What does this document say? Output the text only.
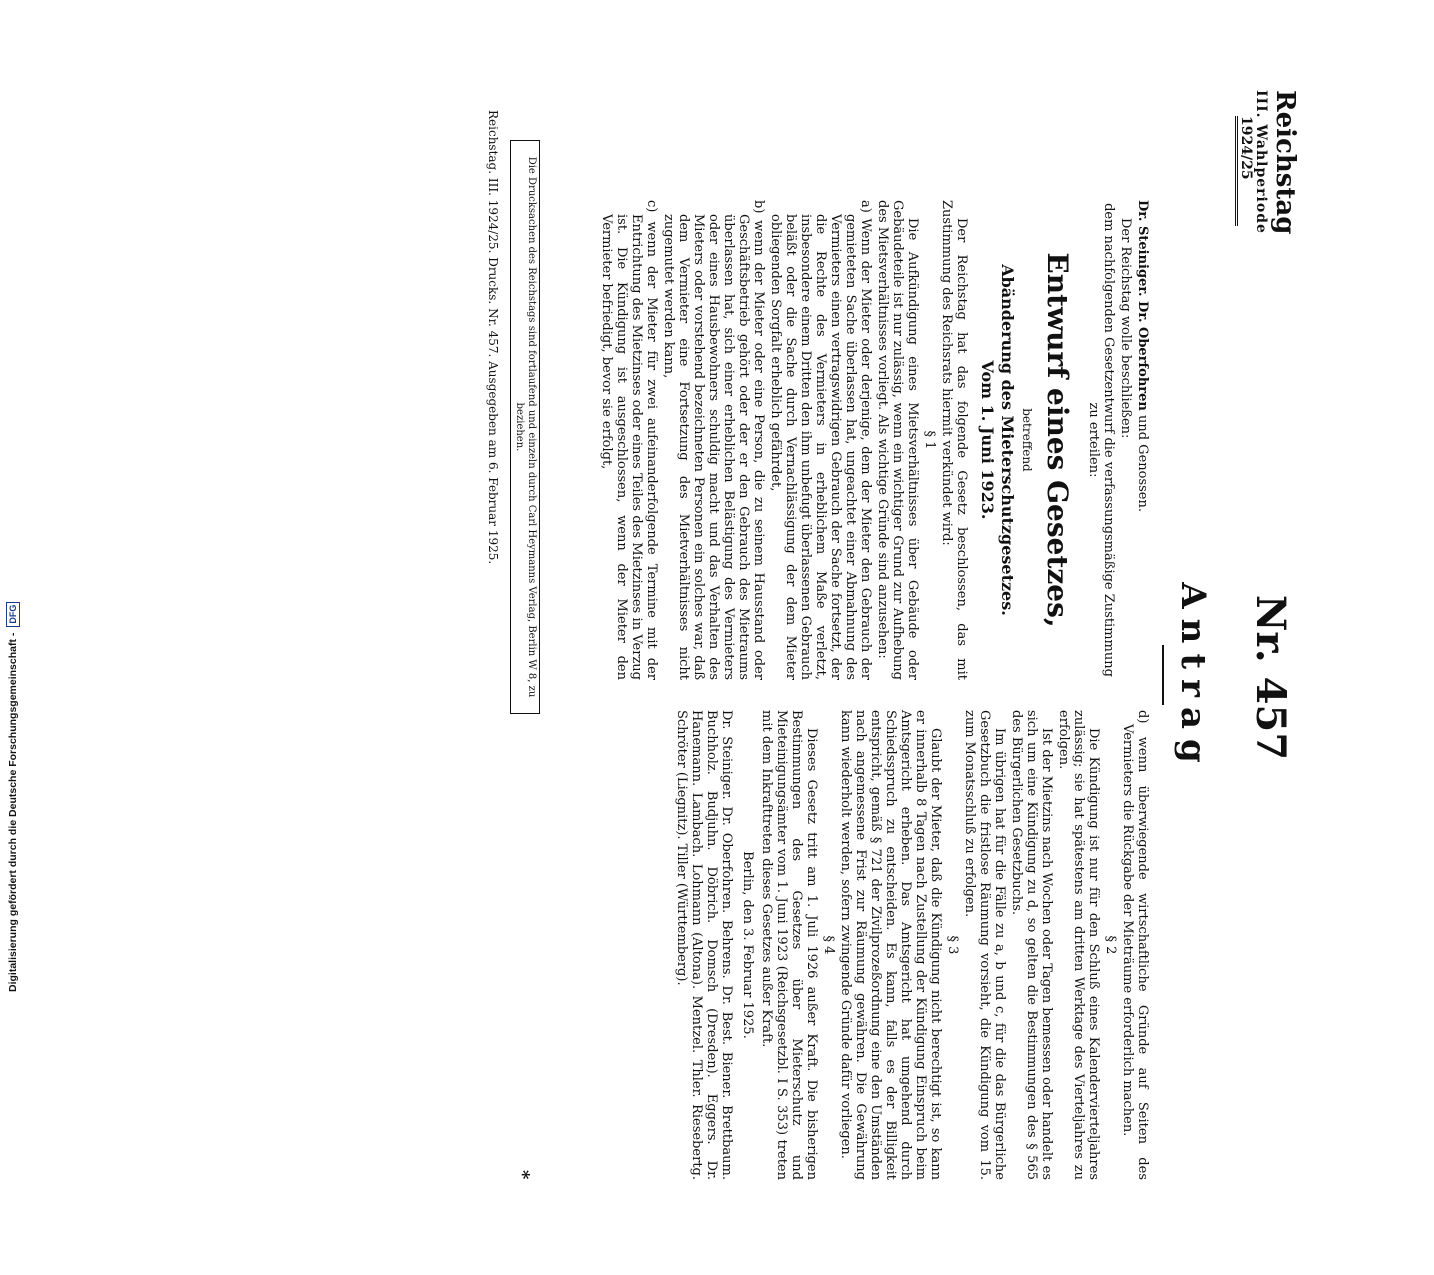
Digitalisierung gefördert durch die Deutsche Forschungsgemeinschaft -
DFG
Reichstag
III. Wahlperiode
1924/25
Nr. 457
Antrag

Dr. Steiniger. Dr. Oberfohren und Genossen.

Der Reichstag wolle beschließen:

dem nachfolgenden Gesetzentwurf die verfassungsmäßige Zustimmung zu erteilen:

Entwurf eines Gesetzes,

betreffend

Abänderung des Mieterschutzgesetzes.
Vom 1. Juni 1923.

Der Reichstag hat das folgende Gesetz beschlossen, das mit Zustimmung des Reichsrats hiermit verkündet wird:

§ 1

Die Aufkündigung eines Mietsverhältnisses über Gebäude oder Gebäudeteile ist nur zulässig, wenn ein wichtiger Grund zur Aufhebung des Mietsverhältnisses vorliegt. Als wichtige Gründe sind anzusehen:

a) Wenn der Mieter oder derjenige, dem der Mieter den Gebrauch der gemieteten Sache überlassen hat, ungeachtet einer Abmahnung des Vermieters einen vertragswidrigen Gebrauch der Sache fortsetzt, der die Rechte des Vermieters in erheblichem Maße verletzt, insbesondere einem Dritten den ihm unbefugt überlassenen Gebrauch beläßt oder die Sache durch Vernachlässigung der dem Mieter obliegenden Sorgfalt erheblich gefährdet,

b) wenn der Mieter oder eine Person, die zu seinem Hausstand oder Geschäftsbetrieb gehört oder der er den Gebrauch des Mietraums überlassen hat, sich einer erheblichen Belästigung des Vermieters oder eines Hausbewohners schuldig macht und das Verhalten des Mieters oder vorstehend bezeichneten Personen ein solches war, daß dem Vermieter eine Fortsetzung des Mietverhältnisses nicht zugemutet werden kann,

c) wenn der Mieter für zwei aufeinanderfolgende Termine mit der Entrichtung des Mietzinses oder eines Teiles des Mietzinses in Verzug ist. Die Kündigung ist ausgeschlossen, wenn der Mieter den Vermieter befriedigt, bevor sie erfolgt,

d) wenn überwiegende wirtschaftliche Gründe auf Seiten des Vermieters die Rückgabe der Mieträume erforderlich machen.

§ 2

Die Kündigung ist nur für den Schluß eines Kalendervierteljahres zulässig; sie hat spätestens am dritten Werktage des Vierteljahres zu erfolgen.

Ist der Mietzins nach Wochen oder Tagen bemessen oder handelt es sich um eine Kündigung zu d, so gelten die Bestimmungen des § 565 des Bürgerlichen Gesetzbuchs.

Im übrigen hat für die Fälle zu a, b und c, für die das Bürgerliche Gesetzbuch die fristlose Räumung vorsieht, die Kündigung vom 15. zum Monatsschluß zu erfolgen.

§ 3

Glaubt der Mieter, daß die Kündigung nicht berechtigt ist, so kann er innerhalb 8 Tagen nach Zustellung der Kündigung Einspruch beim Amtsgericht erheben. Das Amtsgericht hat umgehend durch Schiedsspruch zu entscheiden. Es kann, falls es der Billigkeit entspricht, gemäß § 721 der Zivilprozeßordnung eine den Umständen nach angemessene Frist zur Räumung gewähren. Die Gewährung kann wiederholt werden, sofern zwingende Gründe dafür vorliegen.

§ 4

Dieses Gesetz tritt am 1. Juli 1926 außer Kraft. Die bisherigen Bestimmungen des Gesetzes über Mieterschutz und Mieteinigungsämter vom 1. Juni 1923 (Reichsgesetzbl. I S. 353) treten mit dem Inkrafttreten dieses Gesetzes außer Kraft.

Berlin, den 3. Februar 1925.

Dr. Steiniger. Dr. Oberfohren. Behrens. Dr. Best. Biener. Brettbaum. Buchholz. Budjuhn. Döbrich. Domsch (Dresden). Eggers. Dr. Hanemann. Lambach. Lohmann (Altona). Mentzel. Thler. Riesebertg. Schröter (Liegnitz). Tiller (Württemberg).

Die Drucksachen des Reichstags sind fortlaufend und einzeln durch Carl Heymanns Verlag, Berlin W 8, zu beziehen.
Reichstag. III. 1924/25. Drucks. Nr. 457. Ausgegeben am 6. Februar 1925.
*
